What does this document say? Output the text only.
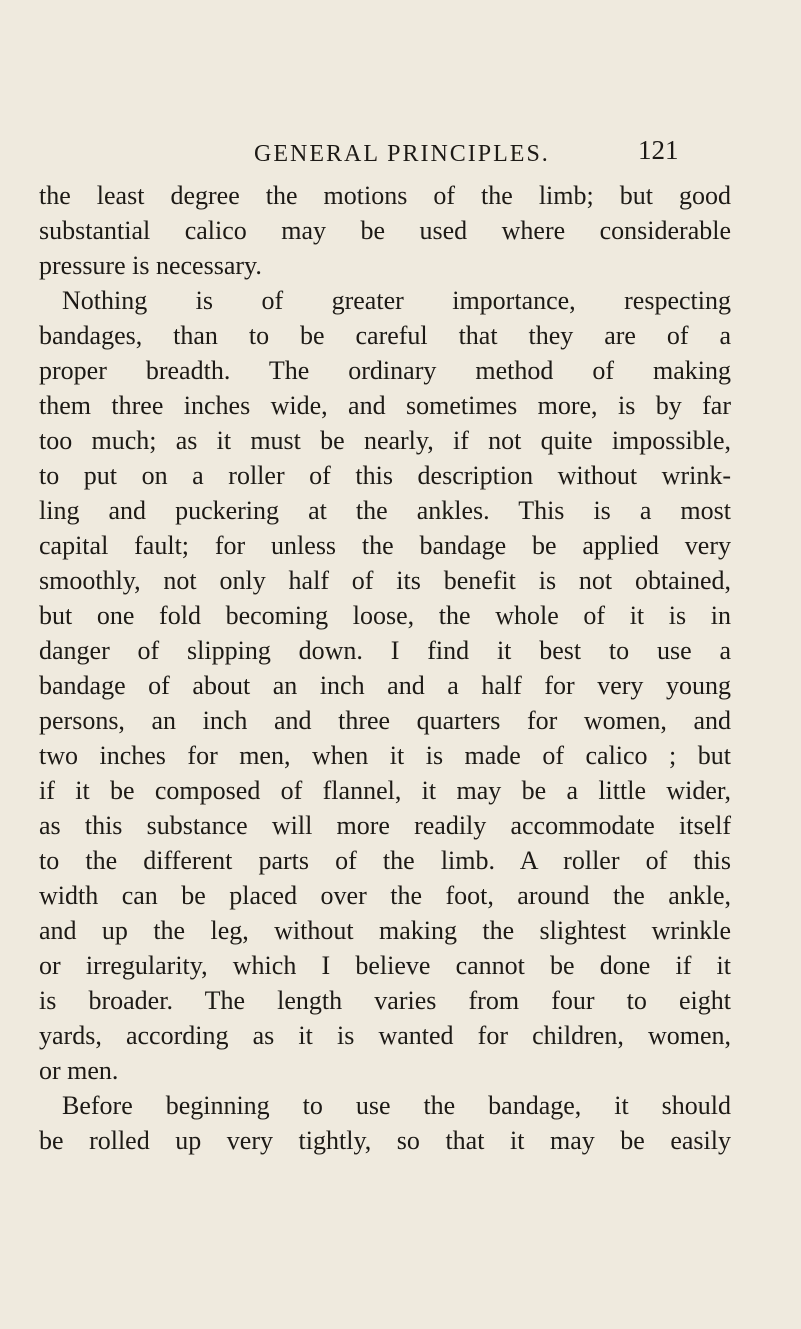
GENERAL PRINCIPLES.	121
the least degree the motions of the limb; but good
substantial calico may be used where considerable
pressure is necessary.
Nothing is of greater importance, respecting
bandages, than to be careful that they are of a
proper breadth. The ordinary method of making
them three inches wide, and sometimes more, is by far
too much; as it must be nearly, if not quite impossible,
to put on a roller of this description without wrink-
ling and puckering at the ankles. This is a most
capital fault; for unless the bandage be applied very
smoothly, not only half of its benefit is not obtained,
but one fold becoming loose, the whole of it is in
danger of slipping down. I find it best to use a
bandage of about an inch and a half for very young
persons, an inch and three quarters for women, and
two inches for men, when it is made of calico ; but
if it be composed of flannel, it may be a little wider,
as this substance will more readily accommodate itself
to the different parts of the limb. A roller of this
width can be placed over the foot, around the ankle,
and up the leg, without making the slightest wrinkle
or irregularity, which I believe cannot be done if it
is broader. The length varies from four to eight
yards, according as it is wanted for children, women,
or men.
Before beginning to use the bandage, it should
be rolled up very tightly, so that it may be easily
